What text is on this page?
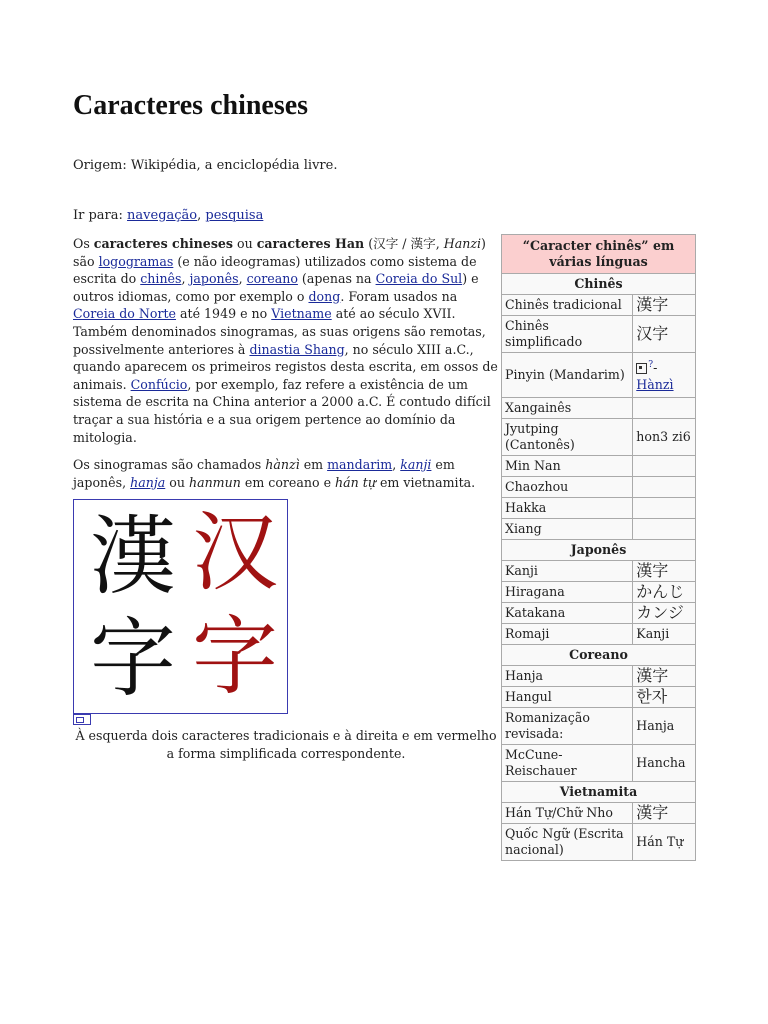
Caracteres chineses
Origem: Wikipédia, a enciclopédia livre.
Ir para: navegação, pesquisa

Os caracteres chineses ou caracteres Han (汉字 / 漢字, Hanzi) são logogramas (e não ideogramas) utilizados como sistema de escrita do chinês, japonês, coreano (apenas na Coreia do Sul) e outros idiomas, como por exemplo o dong. Foram usados na Coreia do Norte até 1949 e no Vietname até ao século XVII. Também denominados sinogramas, as suas origens são remotas, possivelmente anteriores à dinastia Shang, no século XIII a.C., quando aparecem os primeiros registos desta escrita, em ossos de animais. Confúcio, por exemplo, faz refere a existência de um sistema de escrita na China anterior a 2000 a.C. É contudo difícil traçar a sua história e a sua origem pertence ao domínio da mitologia.

Os sinogramas são chamados hànzì em mandarim, kanji em japonês, hanja ou hanmun em coreano e hán tự em vietnamita.

漢 汉
字 字
À esquerda dois caracteres tradicionais e à direita e em vermelho a forma simplificada correspondente.
“Caracter chinês” em várias línguas	
Chinês	
Chinês tradicional	漢字
Chinês simplificado	汉字
Pinyin (Mandarim)	?- Hànzì
Xangainês	
Jyutping (Cantonês)	hon3 zi6
Min Nan	
Chaozhou	
Hakka	
Xiang	
Japonês	
Kanji	漢字
Hiragana	かんじ
Katakana	カンジ
Romaji	Kanji
Coreano	
Hanja	漢字
Hangul	한자
Romanização revisada:	Hanja
McCune-Reischauer	Hancha
Vietnamita	
Hán Tự/Chữ Nho	漢字
Quốc Ngữ (Escrita nacional)	Hán Tự
